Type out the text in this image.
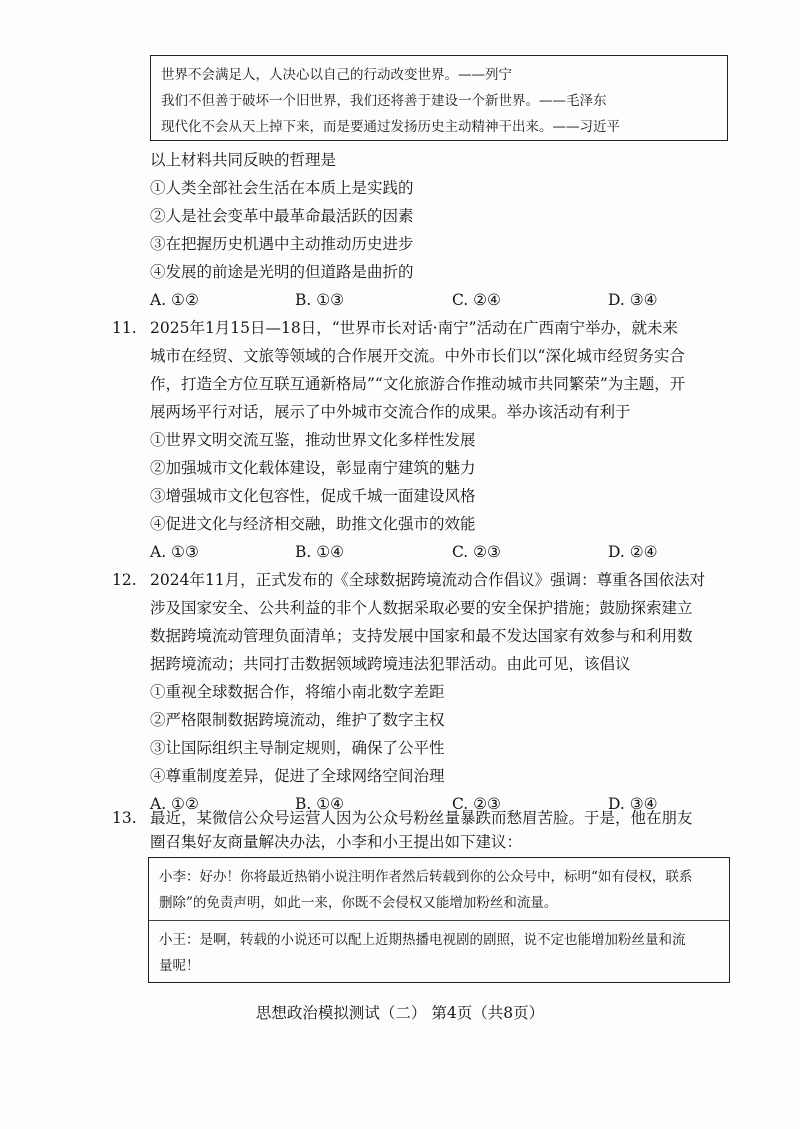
世界不会满足人，人决心以自己的行动改变世界。——列宁
我们不但善于破坏一个旧世界，我们还将善于建设一个新世界。——毛泽东
现代化不会从天上掉下来，而是要通过发扬历史主动精神干出来。——习近平
以上材料共同反映的哲理是
①人类全部社会生活在本质上是实践的
②人是社会变革中最革命最活跃的因素
③在把握历史机遇中主动推动历史进步
④发展的前途是光明的但道路是曲折的
A. ①②	B. ①③	C. ②④	D. ③④
11. 2025年1月15日—18日，“世界市长对话·南宁”活动在广西南宁举办，就未来
城市在经贸、文旅等领域的合作展开交流。中外市长们以“深化城市经贸务实合
作，打造全方位互联互通新格局”“文化旅游合作推动城市共同繁荣”为主题，开
展两场平行对话，展示了中外城市交流合作的成果。举办该活动有利于
①世界文明交流互鉴，推动世界文化多样性发展
②加强城市文化载体建设，彰显南宁建筑的魅力
③增强城市文化包容性，促成千城一面建设风格
④促进文化与经济相交融，助推文化强市的效能
A. ①③	B. ①④	C. ②③	D. ②④
12. 2024年11月，正式发布的《全球数据跨境流动合作倡议》强调：尊重各国依法对
涉及国家安全、公共利益的非个人数据采取必要的安全保护措施；鼓励探索建立
数据跨境流动管理负面清单；支持发展中国家和最不发达国家有效参与和利用数
据跨境流动；共同打击数据领域跨境违法犯罪活动。由此可见，该倡议
①重视全球数据合作，将缩小南北数字差距
②严格限制数据跨境流动，维护了数字主权
③让国际组织主导制定规则，确保了公平性
④尊重制度差异，促进了全球网络空间治理
A. ①②	B. ①④	C. ②③	D. ③④
13. 最近，某微信公众号运营人因为公众号粉丝量暴跌而愁眉苦脸。于是，他在朋友
圈召集好友商量解决办法，小李和小王提出如下建议：
小李：好办！你将最近热销小说注明作者然后转载到你的公众号中，标明“如有侵权，联系
删除”的免责声明，如此一来，你既不会侵权又能增加粉丝和流量。
小王：是啊，转载的小说还可以配上近期热播电视剧的剧照，说不定也能增加粉丝量和流
量呢！
思想政治模拟测试（二） 第4页（共8页）
